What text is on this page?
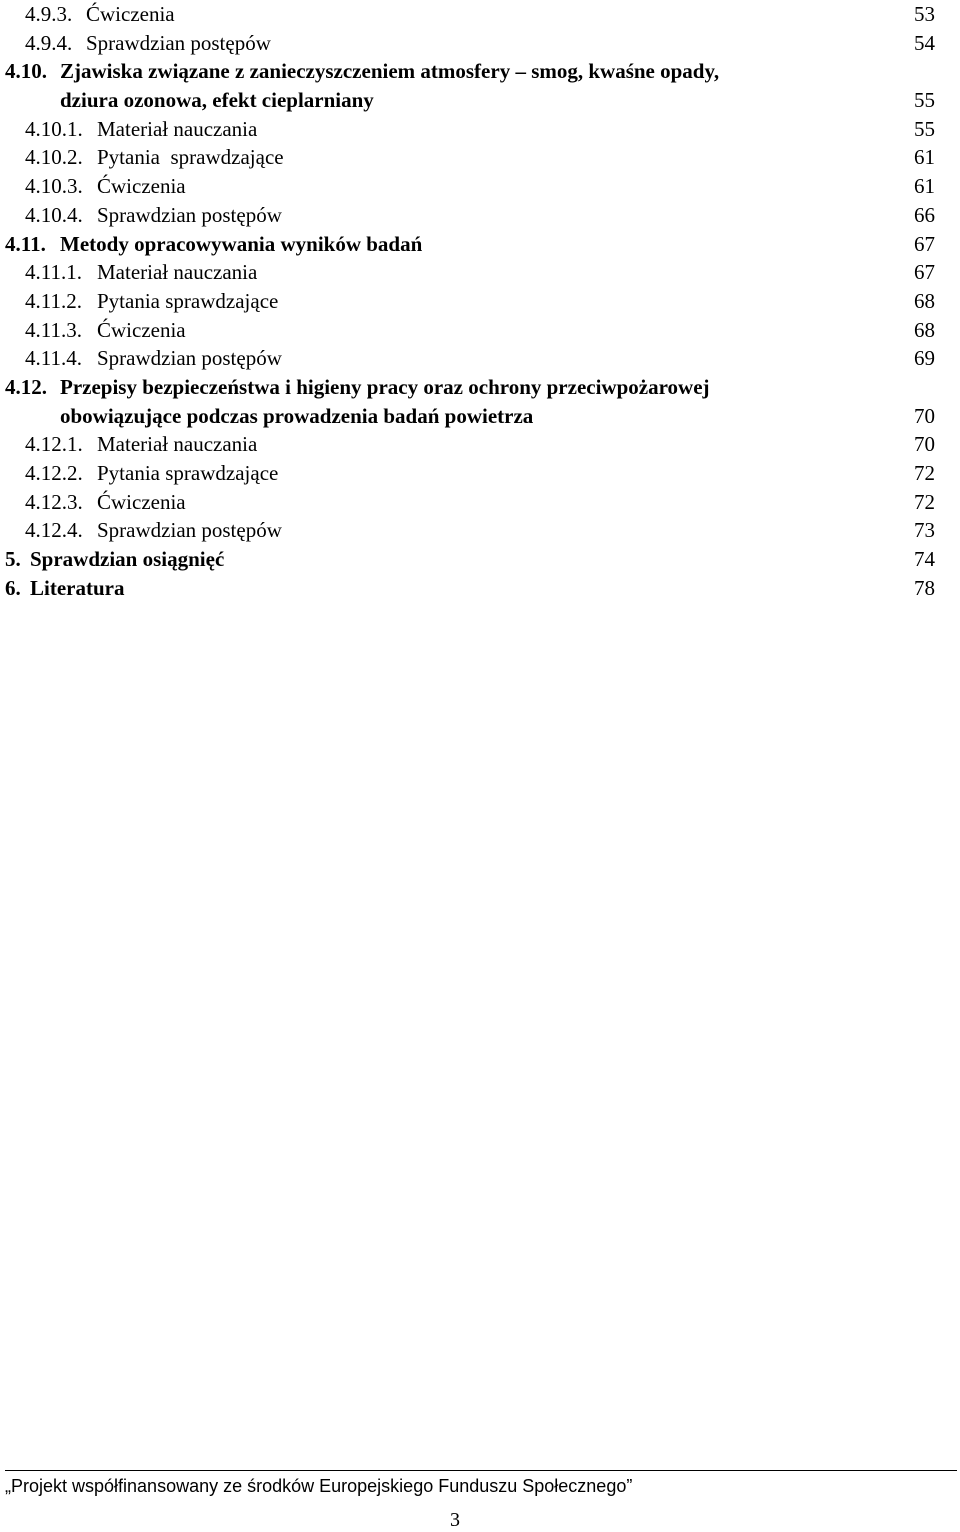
4.9.3. Ćwiczenia	53
4.9.4. Sprawdzian postępów	54
4.10. Zjawiska związane z zanieczyszczeniem atmosfery – smog, kwaśne opady,
dziura ozonowa, efekt cieplarniany	55
4.10.1. Materiał nauczania	55
4.10.2. Pytania  sprawdzające	61
4.10.3. Ćwiczenia	61
4.10.4. Sprawdzian postępów	66
4.11. Metody opracowywania wyników badań	67
4.11.1. Materiał nauczania	67
4.11.2. Pytania sprawdzające	68
4.11.3. Ćwiczenia	68
4.11.4. Sprawdzian postępów	69
4.12. Przepisy bezpieczeństwa i higieny pracy oraz ochrony przeciwpożarowej
obowiązujące podczas prowadzenia badań powietrza	70
4.12.1. Materiał nauczania	70
4.12.2. Pytania sprawdzające	72
4.12.3. Ćwiczenia	72
4.12.4. Sprawdzian postępów	73
5. Sprawdzian osiągnięć	74
6. Literatura	78
„Projekt współfinansowany ze środków Europejskiego Funduszu Społecznego”
3
